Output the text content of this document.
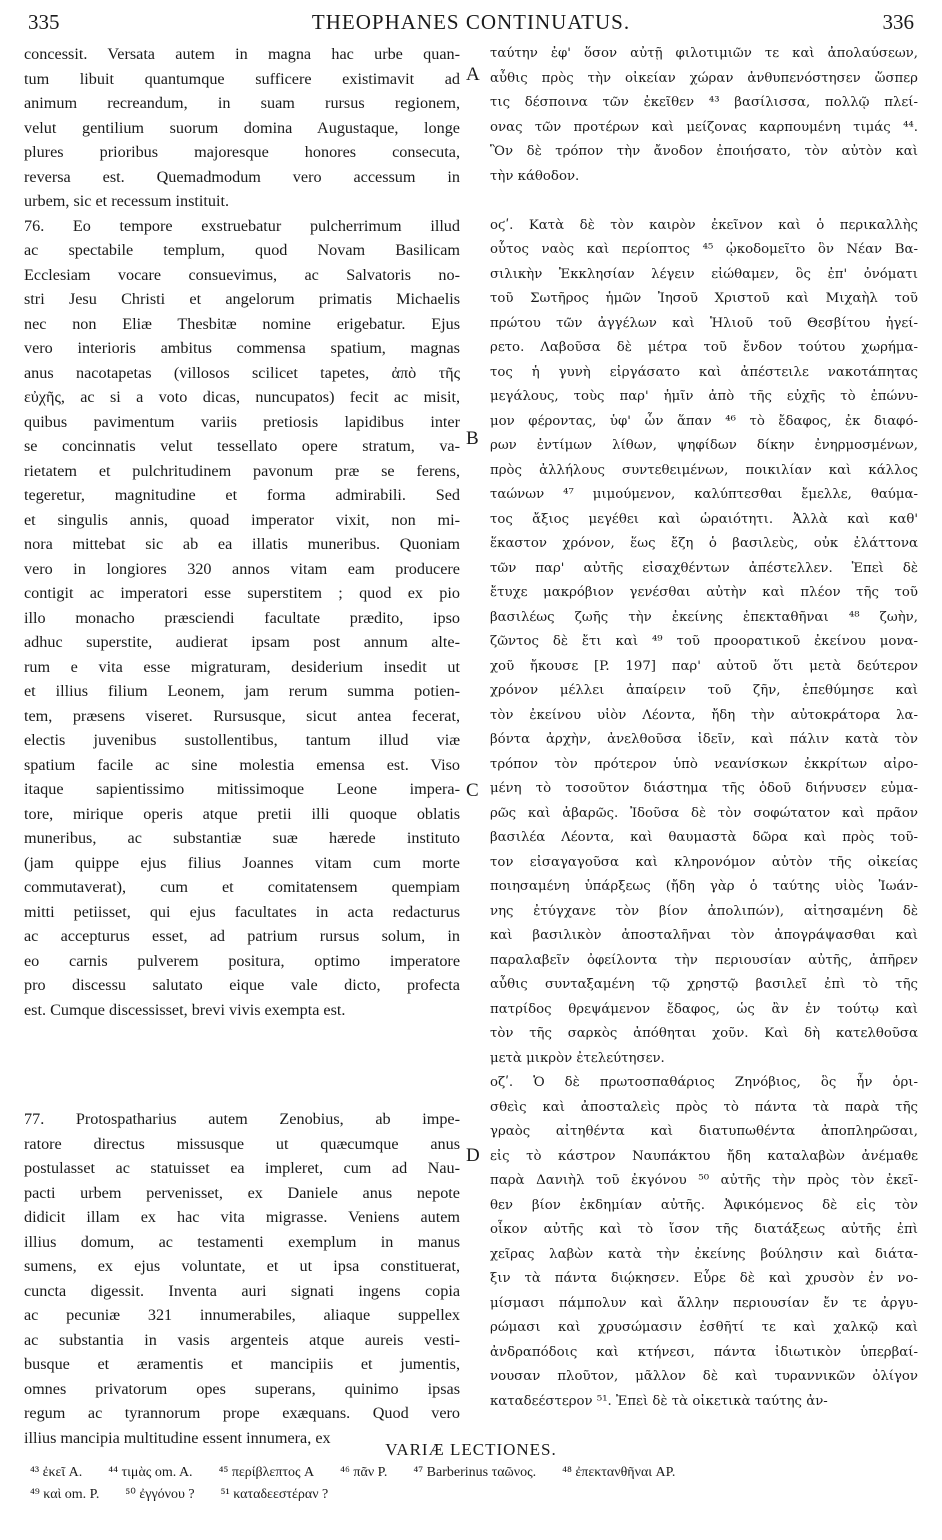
335	THEOPHANES CONTINUATUS.	336
A
B
C
D
concessit. Versata autem in magna hac urbe quan-
tum libuit quantumque sufficere existimavit ad
animum recreandum, in suam rursus regionem,
velut gentilium suorum domina Augustaque, longe
plures prioribus majoresque honores consecuta,
reversa est. Quemadmodum vero accessum in
urbem, sic et recessum instituit.
76. Eo tempore exstruebatur pulcherrimum illud
ac spectabile templum, quod Novam Basilicam
Ecclesiam vocare consuevimus, ac Salvatoris no-
stri Jesu Christi et angelorum primatis Michaelis
nec non Eliæ Thesbitæ nomine erigebatur. Ejus
vero interioris ambitus commensa spatium, magnas
anus nacotapetas (villosos scilicet tapetes, ἀπὸ τῆς
εὐχῆς, ac si a voto dicas, nuncupatos) fecit ac misit,
quibus pavimentum variis pretiosis lapidibus inter
se concinnatis velut tessellato opere stratum, va-
rietatem et pulchritudinem pavonum præ se ferens,
tegeretur, magnitudine et forma admirabili. Sed
et singulis annis, quoad imperator vixit, non mi-
nora mittebat sic ab ea illatis muneribus. Quoniam
vero in longiores 320 annos vitam eam producere
contigit ac imperatori esse superstitem ; quod ex pio
illo monacho præsciendi facultate prædito, ipso
adhuc superstite, audierat ipsam post annum alte-
rum e vita esse migraturam, desiderium insedit ut
et illius filium Leonem, jam rerum summa potien-
tem, præsens viseret. Rursusque, sicut antea fecerat,
electis juvenibus sustollentibus, tantum illud viæ
spatium facile ac sine molestia emensa est. Viso
itaque sapientissimo mitissimoque Leone impera-
tore, mirique operis atque pretii illi quoque oblatis
muneribus, ac substantiæ suæ hærede instituto
(jam quippe ejus filius Joannes vitam cum morte
commutaverat), cum et comitatensem quempiam
mitti petiisset, qui ejus facultates in acta redacturus
ac accepturus esset, ad patrium rursus solum, in
eo carnis pulverem positura, optimo imperatore
pro discessu salutato eique vale dicto, profecta
est. Cumque discessisset, brevi vivis exempta est.
77. Protospatharius autem Zenobius, ab impe-
ratore directus missusque ut quæcumque anus
postulasset ac statuisset ea impleret, cum ad Nau-
pacti urbem pervenisset, ex Daniele anus nepote
didicit illam ex hac vita migrasse. Veniens autem
illius domum, ac testamenti exemplum in manus
sumens, ex ejus voluntate, et ut ipsa constituerat,
cuncta digessit. Inventa auri signati ingens copia
ac pecuniæ 321 innumerabiles, aliaque suppellex
ac substantia in vasis argenteis atque aureis vesti-
busque et æramentis et mancipiis et jumentis,
omnes privatorum opes superans, quinimo ipsas
regum ac tyrannorum prope exæquans. Quod vero
illius mancipia multitudine essent innumera, ex
ταύτην ἐφ' ὅσον αὐτῇ φιλοτιμιῶν τε καὶ ἀπολαύσεων,
αὖθις πρὸς τὴν οἰκείαν χώραν ἀνθυπενόστησεν ὥσπερ
τις δέσποινα τῶν ἐκεῖθεν ⁴³ βασίλισσα, πολλῷ πλεί-
ονας τῶν προτέρων καὶ μείζονας καρπουμένη τιμάς ⁴⁴.
Ὃν δὲ τρόπον τὴν ἄνοδον ἐποιήσατο, τὸν αὐτὸν καὶ
τὴν κάθοδον.
οϛʹ. Κατὰ δὲ τὸν καιρὸν ἐκεῖνον καὶ ὁ περικαλλὴς
οὗτος ναὸς καὶ περίοπτος ⁴⁵ ᾠκοδομεῖτο ὃν Νέαν Βα-
σιλικὴν Ἐκκλησίαν λέγειν εἰώθαμεν, ὃς ἐπ' ὀνόματι
τοῦ Σωτῆρος ἡμῶν Ἰησοῦ Χριστοῦ καὶ Μιχαὴλ τοῦ
πρώτου τῶν ἀγγέλων καὶ Ἡλιοῦ τοῦ Θεσβίτου ἠγεί-
ρετο. Λαβοῦσα δὲ μέτρα τοῦ ἔνδον τούτου χωρήμα-
τος ἡ γυνὴ εἰργάσατο καὶ ἀπέστειλε νακοτάπητας
μεγάλους, τοὺς παρ' ἡμῖν ἀπὸ τῆς εὐχῆς τὸ ἐπώνυ-
μον φέροντας, ὑφ' ὧν ἅπαν ⁴⁶ τὸ ἔδαφος, ἐκ διαφό-
ρων ἐντίμων λίθων, ψηφίδων δίκην ἐνηρμοσμένων,
πρὸς ἀλλήλους συντεθειμένων, ποικιλίαν καὶ κάλλος
ταώνων ⁴⁷ μιμούμενον, καλύπτεσθαι ἔμελλε, θαύμα-
τος ἄξιος μεγέθει καὶ ὡραιότητι. Ἀλλὰ καὶ καθ'
ἕκαστον χρόνον, ἕως ἔζη ὁ βασιλεὺς, οὐκ ἐλάττονα
τῶν παρ' αὐτῆς εἰσαχθέντων ἀπέστελλεν. Ἐπεὶ δὲ
ἔτυχε μακρόβιον γενέσθαι αὐτὴν καὶ πλέον τῆς τοῦ
βασιλέως ζωῆς τὴν ἐκείνης ἐπεκταθῆναι ⁴⁸ ζωὴν,
ζῶντος δὲ ἔτι καὶ ⁴⁹ τοῦ προορατικοῦ ἐκείνου μονα-
χοῦ ἤκουσε [P. 197] παρ' αὐτοῦ ὅτι μετὰ δεύτερον
χρόνον μέλλει ἀπαίρειν τοῦ ζῆν, ἐπεθύμησε καὶ
τὸν ἐκείνου υἱὸν Λέοντα, ἤδη τὴν αὐτοκράτορα λα-
βόντα ἀρχὴν, ἀνελθοῦσα ἰδεῖν, καὶ πάλιν κατὰ τὸν
τρόπον τὸν πρότερον ὑπὸ νεανίσκων ἐκκρίτων αἰρο-
μένη τὸ τοσοῦτον διάστημα τῆς ὁδοῦ διήνυσεν εὐμα-
ρῶς καὶ ἀβαρῶς. Ἰδοῦσα δὲ τὸν σοφώτατον καὶ πρᾶον
βασιλέα Λέοντα, καὶ θαυμαστὰ δῶρα καὶ πρὸς τοῦ-
τον εἰσαγαγοῦσα καὶ κληρονόμον αὐτὸν τῆς οἰκείας
ποιησαμένη ὑπάρξεως (ἤδη γὰρ ὁ ταύτης υἱὸς Ἰωάν-
νης ἐτύγχανε τὸν βίον ἀπολιπών), αἰτησαμένη δὲ
καὶ βασιλικὸν ἀποσταλῆναι τὸν ἀπογράψασθαι καὶ
παραλαβεῖν ὀφείλοντα τὴν περιουσίαν αὐτῆς, ἀπῆρεν
αὖθις συνταξαμένη τῷ χρηστῷ βασιλεῖ ἐπὶ τὸ τῆς
πατρίδος θρεψάμενον ἔδαφος, ὡς ἂν ἐν τούτῳ καὶ
τὸν τῆς σαρκὸς ἀπόθηται χοῦν. Καὶ δὴ κατελθοῦσα
μετὰ μικρὸν ἐτελεύτησεν.
οζʹ. Ὁ δὲ πρωτοσπαθάριος Ζηνόβιος, ὃς ἦν ὁρι-
σθεὶς καὶ ἀποσταλεὶς πρὸς τὸ πάντα τὰ παρὰ τῆς
γραὸς αἰτηθέντα καὶ διατυπωθέντα ἀποπληρῶσαι,
εἰς τὸ κάστρον Ναυπάκτου ἤδη καταλαβὼν ἀνέμαθε
παρὰ Δανιὴλ τοῦ ἐκγόνου ⁵⁰ αὐτῆς τὴν πρὸς τὸν ἐκεῖ-
θεν βίον ἐκδημίαν αὐτῆς. Ἀφικόμενος δὲ εἰς τὸν
οἶκον αὐτῆς καὶ τὸ ἴσον τῆς διατάξεως αὐτῆς ἐπὶ
χεῖρας λαβὼν κατὰ τὴν ἐκείνης βούλησιν καὶ διάτα-
ξιν τὰ πάντα διῴκησεν. Εὗρε δὲ καὶ χρυσὸν ἐν νο-
μίσμασι πάμπολυν καὶ ἄλλην περιουσίαν ἔν τε ἀργυ-
ρώμασι καὶ χρυσώμασιν ἐσθῆτί τε καὶ χαλκῷ καὶ
ἀνδραπόδοις καὶ κτήνεσι, πάντα ἰδιωτικὸν ὑπερβαί-
νουσαν πλοῦτον, μᾶλλον δὲ καὶ τυραννικῶν ὀλίγον
καταδεέστερον ⁵¹. Ἐπεὶ δὲ τὰ οἰκετικὰ ταύτης ἀν-
VARIÆ LECTIONES.
⁴³ ἐκεῖ A. ⁴⁴ τιμὰς om. A. ⁴⁵ περίβλεπτος A ⁴⁶ πᾶν P. ⁴⁷ Barberinus ταῶνος. ⁴⁸ ἐπεκτανθῆναι AP.
⁴⁹ καὶ om. P. ⁵⁰ ἐγγόνου ? ⁵¹ καταδεεστέραν ?
